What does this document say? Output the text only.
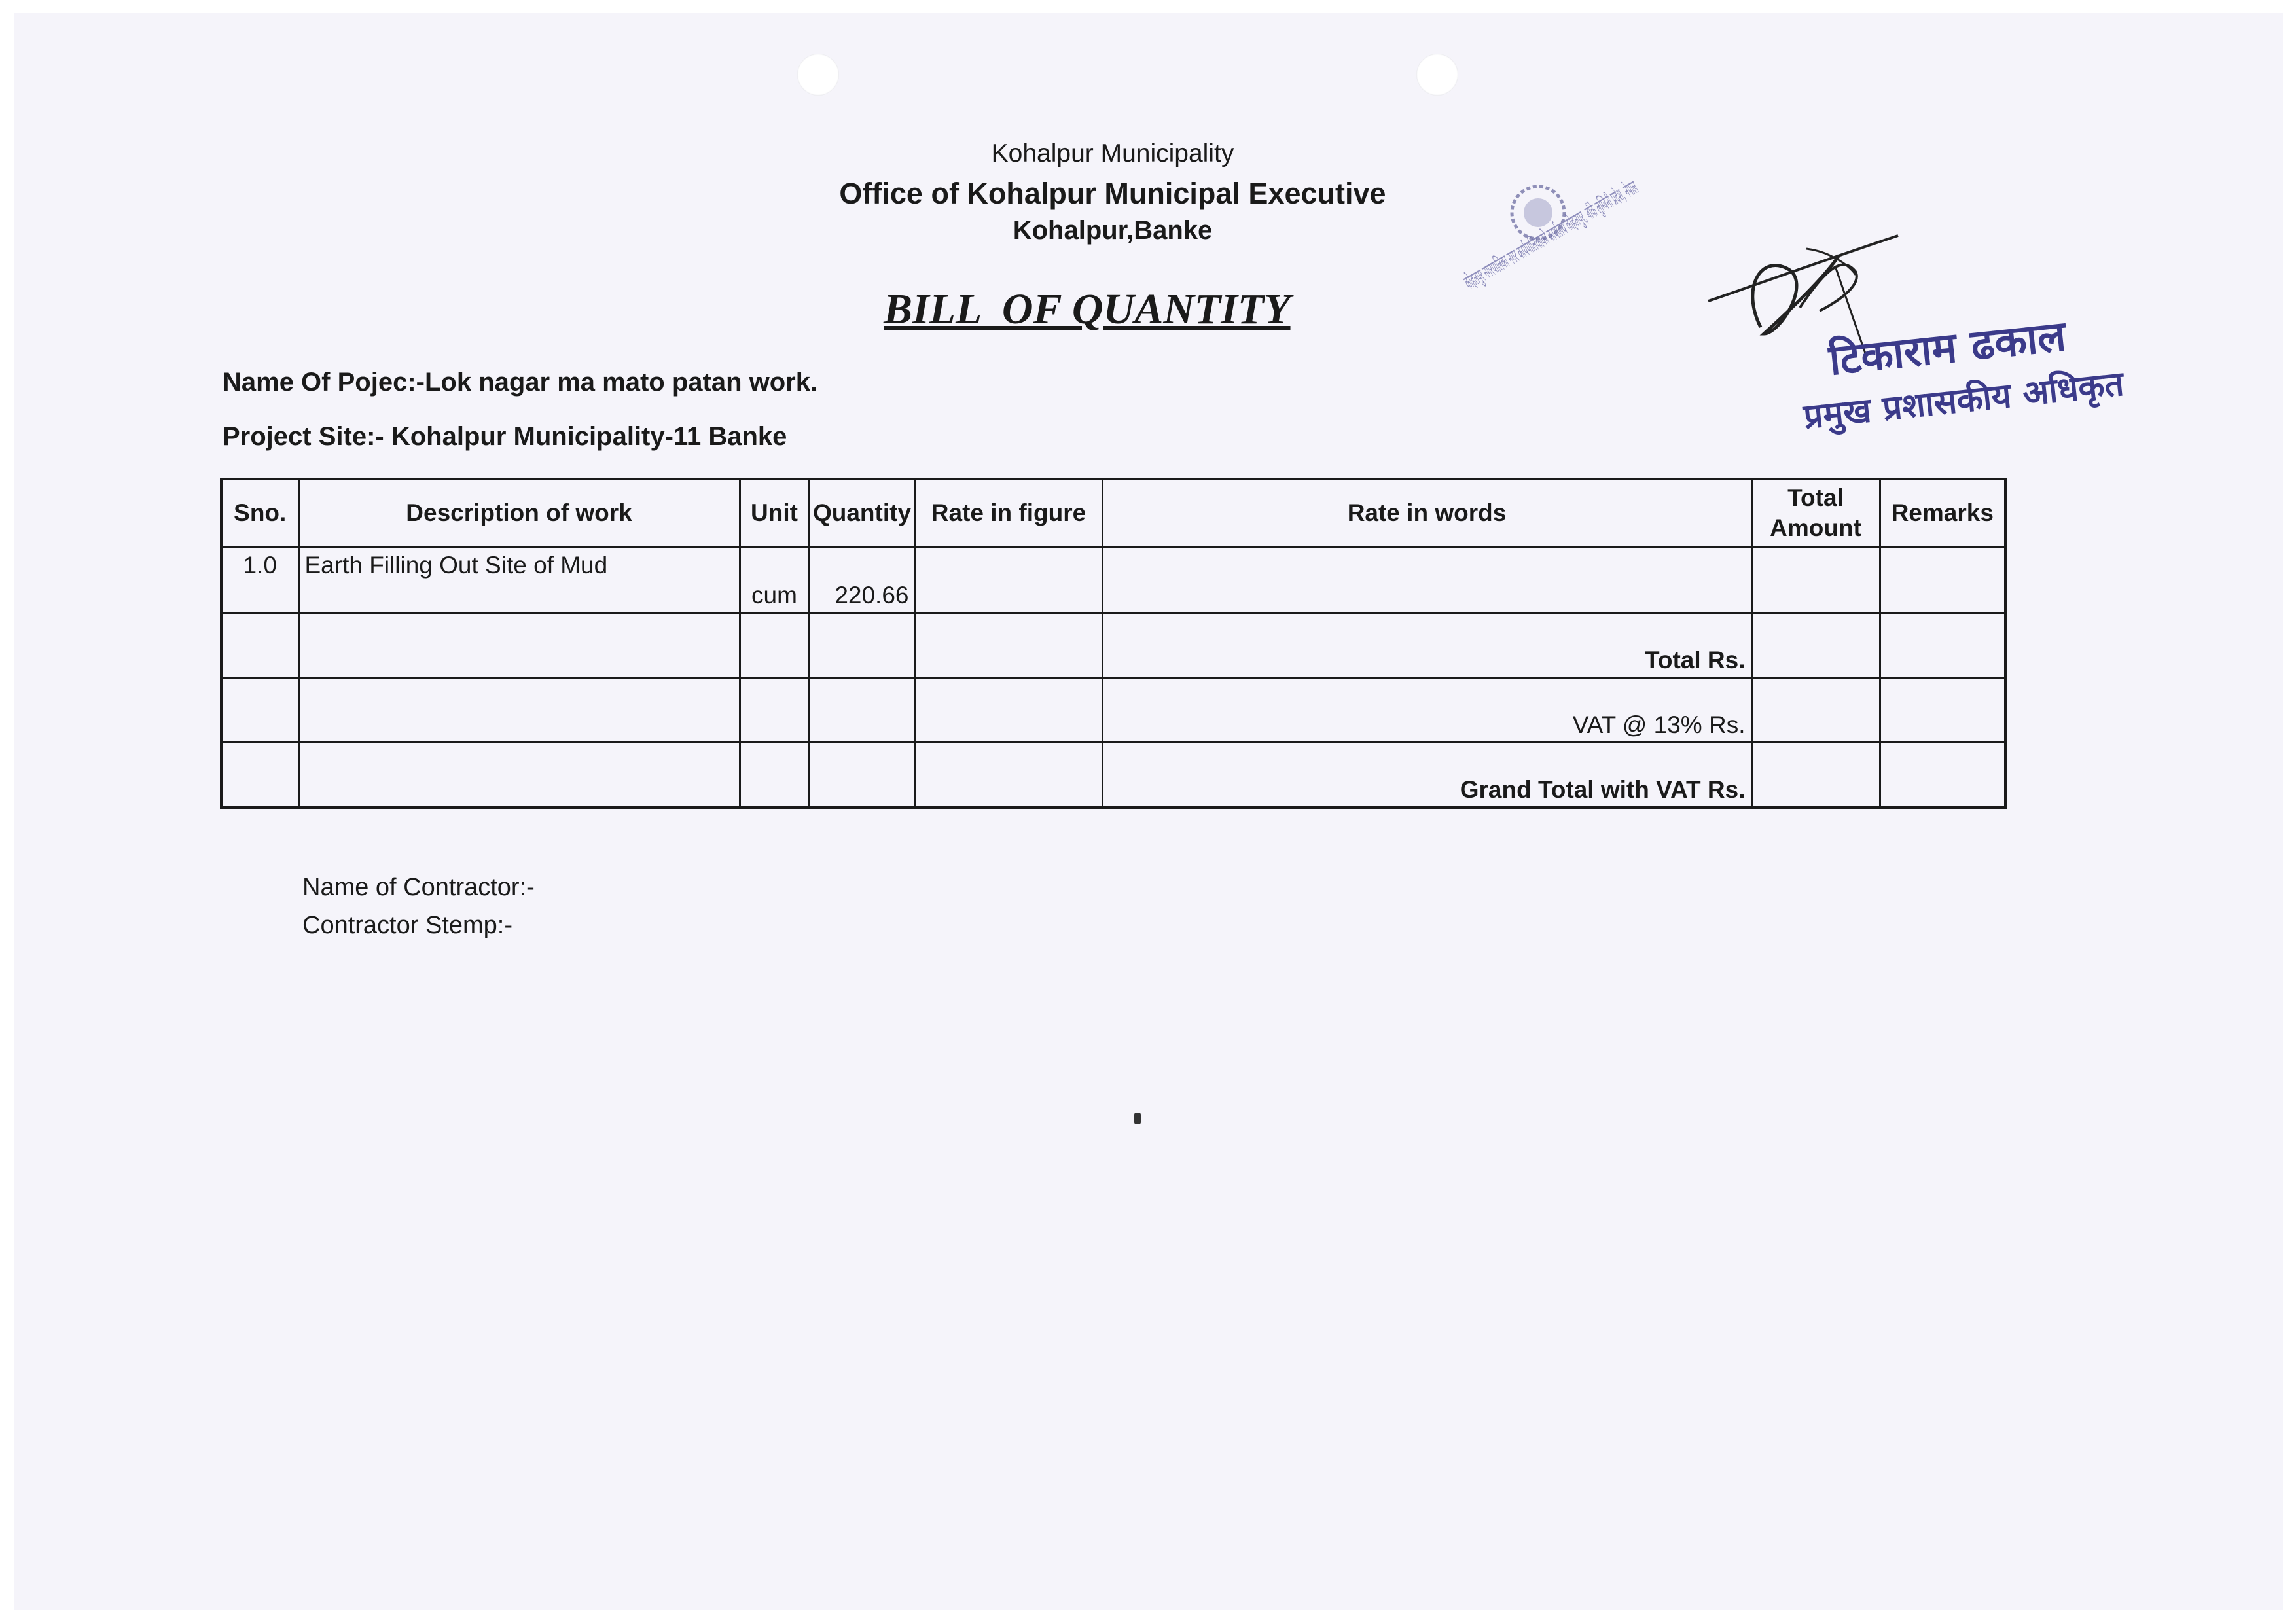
Kohalpur Municipality
Office of Kohalpur Municipal Executive
Kohalpur,Banke
BILL  OF QUANTITY
Name Of Pojec:-Lok nagar ma mato patan work.
Project Site:- Kohalpur Municipality-11 Banke
टिकाराम ढकाल
प्रमुख प्रशासकीय अधिकृत
Sno.	Description of work	Unit	Quantity	Rate in figure	Rate in words	Total Amount	Remarks
1.0	Earth Filling Out Site of Mud	cum	220.66				
					Total Rs.		
					VAT @ 13% Rs.		
					Grand Total with VAT Rs.		
Name of Contractor:-
Contractor Stemp:-
